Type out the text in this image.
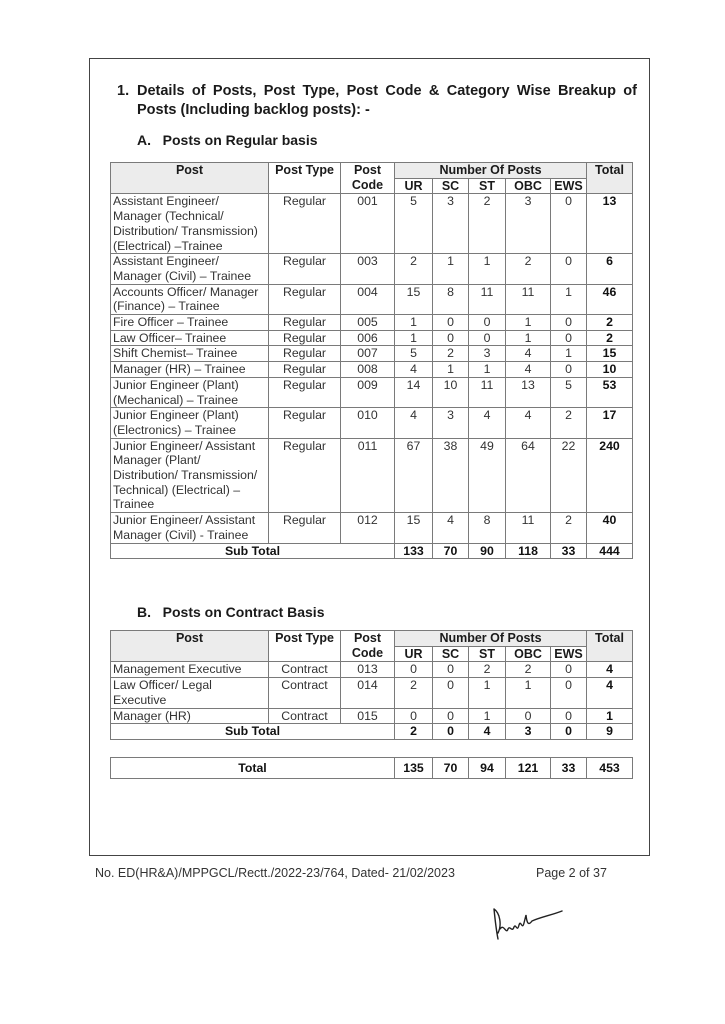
1. Details of Posts, Post Type, Post Code & Category Wise Breakup of Posts (Including backlog posts): -
A. Posts on Regular basis
Post	Post Type	Post Code	Number Of Posts					Total
			UR	SC	ST	OBC	EWS	
Assistant Engineer/ Manager (Technical/ Distribution/ Transmission) (Electrical) –Trainee	Regular	001	5	3	2	3	0	13
Assistant Engineer/ Manager (Civil) – Trainee	Regular	003	2	1	1	2	0	6
Accounts Officer/ Manager (Finance) – Trainee	Regular	004	15	8	11	11	1	46
Fire Officer – Trainee	Regular	005	1	0	0	1	0	2
Law Officer– Trainee	Regular	006	1	0	0	1	0	2
Shift Chemist– Trainee	Regular	007	5	2	3	4	1	15
Manager (HR) – Trainee	Regular	008	4	1	1	4	0	10
Junior Engineer (Plant) (Mechanical) – Trainee	Regular	009	14	10	11	13	5	53
Junior Engineer (Plant) (Electronics) – Trainee	Regular	010	4	3	4	4	2	17
Junior Engineer/ Assistant Manager (Plant/ Distribution/ Transmission/ Technical) (Electrical) – Trainee	Regular	011	67	38	49	64	22	240
Junior Engineer/ Assistant Manager (Civil) - Trainee	Regular	012	15	4	8	11	2	40
Sub Total			133	70	90	118	33	444
B. Posts on Contract Basis
Post	Post Type	Post Code	Number Of Posts					Total
			UR	SC	ST	OBC	EWS	
Management Executive	Contract	013	0	0	2	2	0	4
Law Officer/ Legal Executive	Contract	014	2	0	1	1	0	4
Manager (HR)	Contract	015	0	0	1	0	0	1
Sub Total			2	0	4	3	0	9
Total	135	70	94	121	33	453
No. ED(HR&A)/MPPGCL/Rectt./2022-23/764, Dated- 21/02/2023	Page 2 of 37
